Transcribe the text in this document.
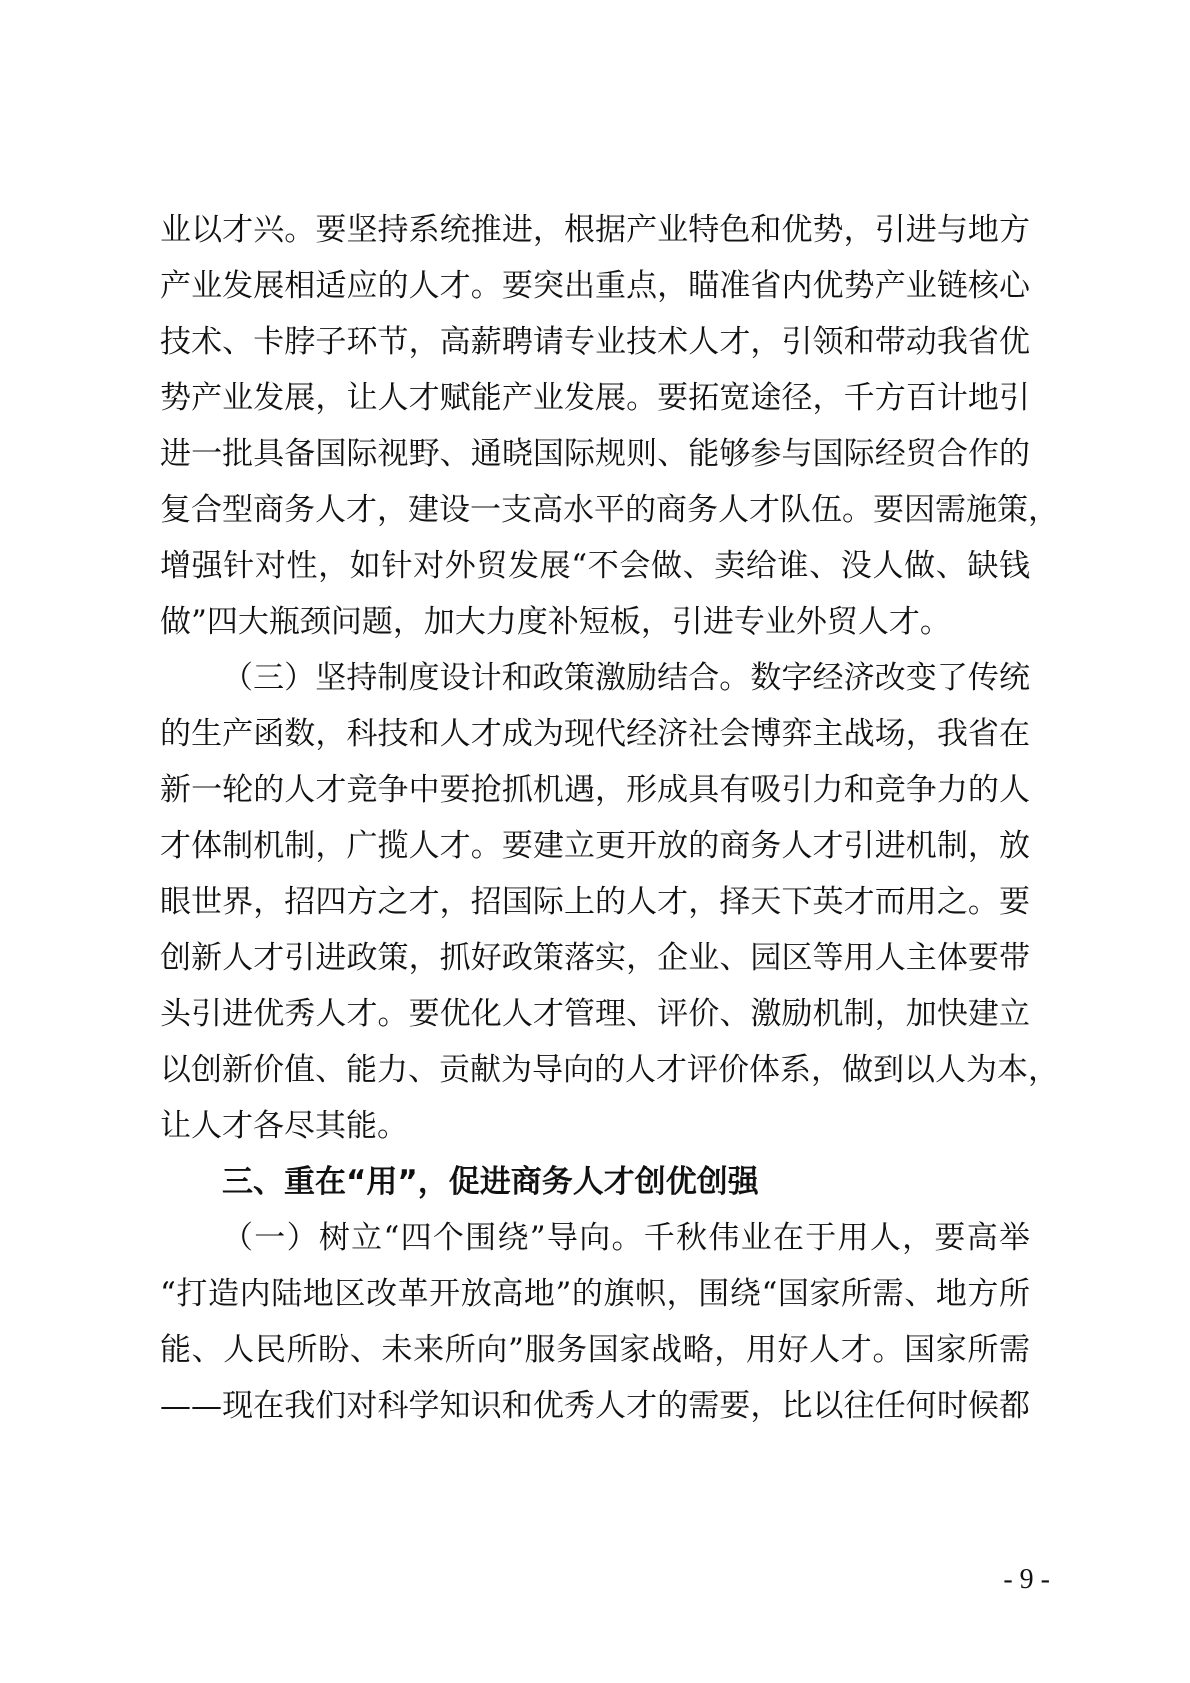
业以才兴。要坚持系统推进，根据产业特色和优势，引进与地方
产业发展相适应的人才。要突出重点，瞄准省内优势产业链核心
技术、卡脖子环节，高薪聘请专业技术人才，引领和带动我省优
势产业发展，让人才赋能产业发展。要拓宽途径，千方百计地引
进一批具备国际视野、通晓国际规则、能够参与国际经贸合作的
复合型商务人才，建设一支高水平的商务人才队伍。要因需施策，
增强针对性，如针对外贸发展“不会做、卖给谁、没人做、缺钱
做”四大瓶颈问题，加大力度补短板，引进专业外贸人才。
（三）坚持制度设计和政策激励结合。数字经济改变了传统
的生产函数，科技和人才成为现代经济社会博弈主战场，我省在
新一轮的人才竞争中要抢抓机遇，形成具有吸引力和竞争力的人
才体制机制，广揽人才。要建立更开放的商务人才引进机制，放
眼世界，招四方之才，招国际上的人才，择天下英才而用之。要
创新人才引进政策，抓好政策落实，企业、园区等用人主体要带
头引进优秀人才。要优化人才管理、评价、激励机制，加快建立
以创新价值、能力、贡献为导向的人才评价体系，做到以人为本，
让人才各尽其能。
三、重在“用”，促进商务人才创优创强
（一）树立“四个围绕”导向。千秋伟业在于用人，要高举
“打造内陆地区改革开放高地”的旗帜，围绕“国家所需、地方所
能、人民所盼、未来所向”服务国家战略，用好人才。国家所需
——现在我们对科学知识和优秀人才的需要，比以往任何时候都
- 9 -
